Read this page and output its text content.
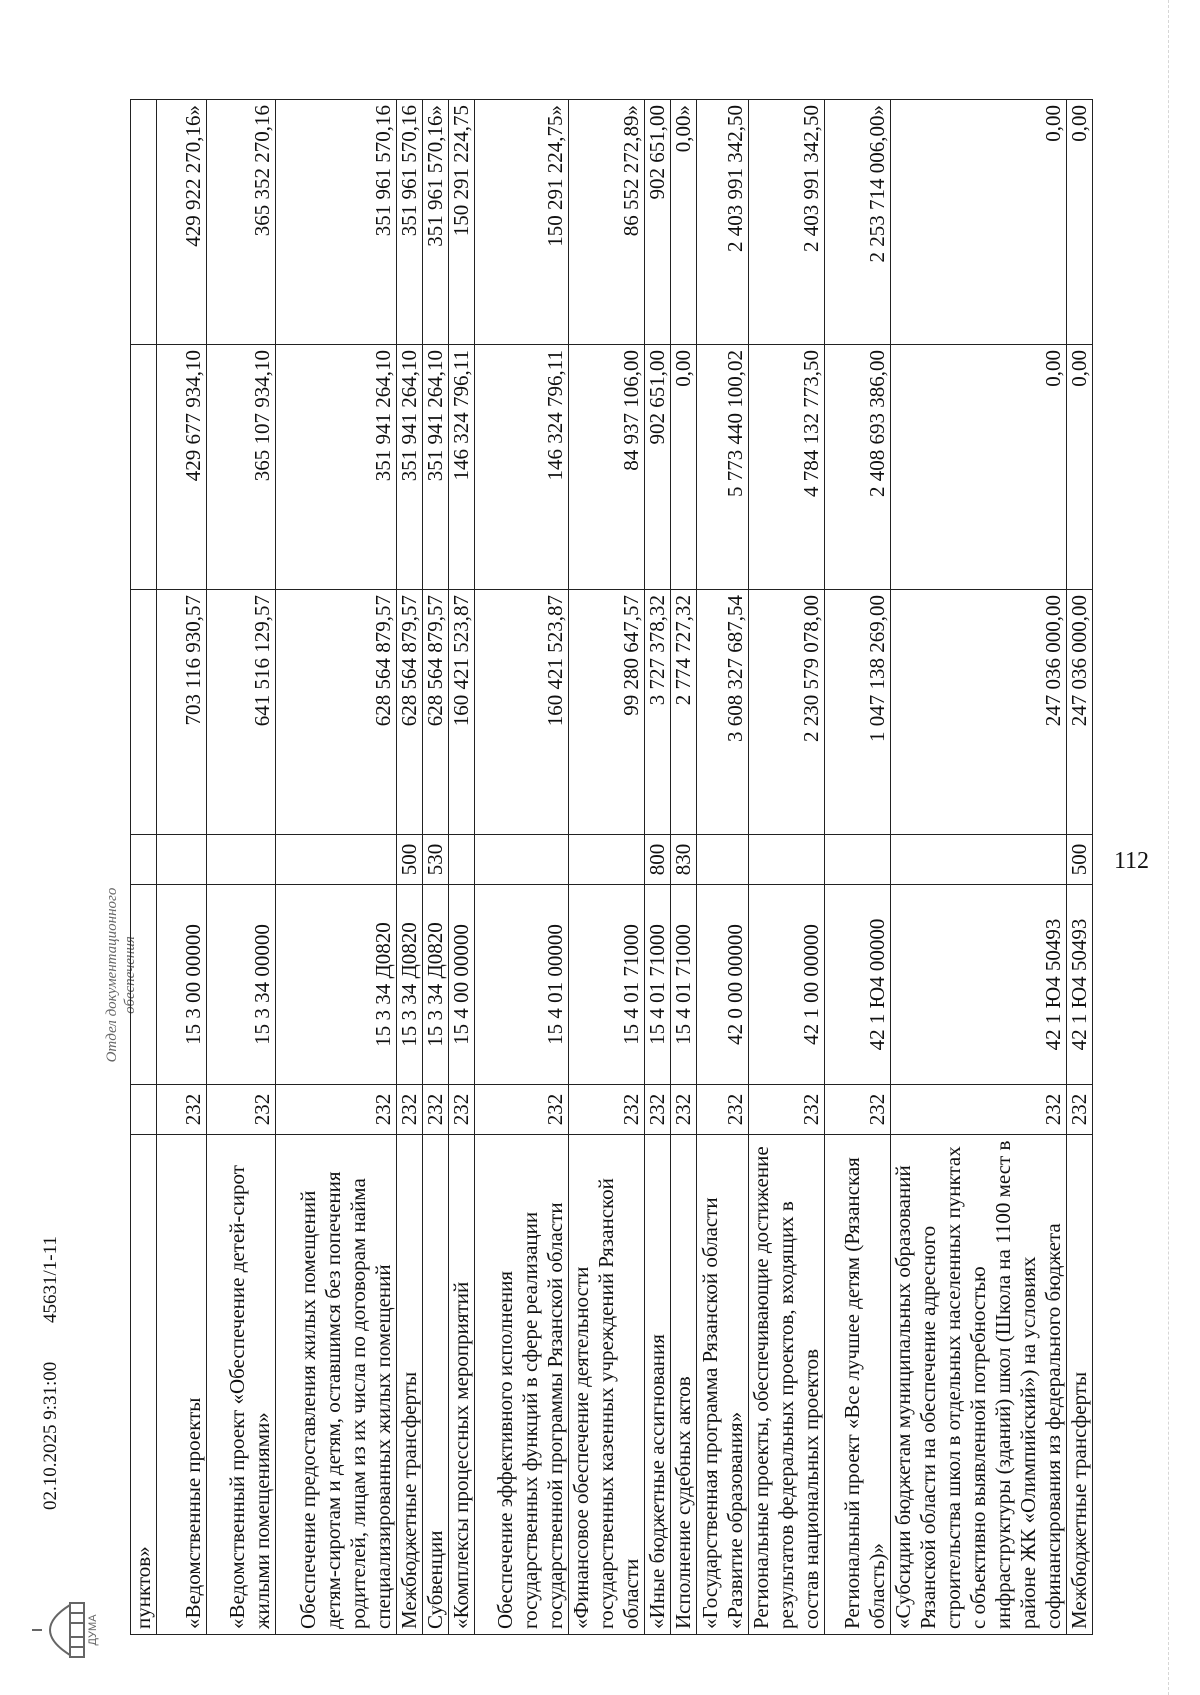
ДУМА
02.10.2025 9:31:00
45631/1-11
Отдел документационного обеспечения
пунктов»						
«Ведомственные проекты	232	15 3 00 00000		703 116 930,57	429 677 934,10	429 922 270,16»
«Ведомственный проект «Обеспечение детей-сирот жилыми помещениями»	232	15 3 34 00000		641 516 129,57	365 107 934,10	365 352 270,16
Обеспечение предоставления жилых помещений детям-сиротам и детям, оставшимся без попечения родителей, лицам из их числа по договорам найма специализированных жилых помещений	232	15 3 34 Д0820		628 564 879,57	351 941 264,10	351 961 570,16
Межбюджетные трансферты	232	15 3 34 Д0820	500	628 564 879,57	351 941 264,10	351 961 570,16
Субвенции	232	15 3 34 Д0820	530	628 564 879,57	351 941 264,10	351 961 570,16»
«Комплексы процессных мероприятий	232	15 4 00 00000		160 421 523,87	146 324 796,11	150 291 224,75
Обеспечение эффективного исполнения государственных функций в сфере реализации государственной программы Рязанской области	232	15 4 01 00000		160 421 523,87	146 324 796,11	150 291 224,75»
«Финансовое обеспечение деятельности государственных казенных учреждений Рязанской области	232	15 4 01 71000		99 280 647,57	84 937 106,00	86 552 272,89»
«Иные бюджетные ассигнования	232	15 4 01 71000	800	3 727 378,32	902 651,00	902 651,00
Исполнение судебных актов	232	15 4 01 71000	830	2 774 727,32	0,00	0,00»
«Государственная программа Рязанской области «Развитие образования»	232	42 0 00 00000		3 608 327 687,54	5 773 440 100,02	2 403 991 342,50
Региональные проекты, обеспечивающие достижение результатов федеральных проектов, входящих в состав национальных проектов	232	42 1 00 00000		2 230 579 078,00	4 784 132 773,50	2 403 991 342,50
Региональный проект «Все лучшее детям (Рязанская область)»	232	42 1 Ю4 00000		1 047 138 269,00	2 408 693 386,00	2 253 714 006,00»
«Субсидии бюджетам муниципальных образований Рязанской области на обеспечение адресного строительства школ в отдельных населенных пунктах с объективно выявленной потребностью инфраструктуры (зданий) школ (Школа на 1100 мест в районе ЖК «Олимпийский») на условиях софинансирования из федерального бюджета	232	42 1 Ю4 50493		247 036 000,00	0,00	0,00
Межбюджетные трансферты	232	42 1 Ю4 50493	500	247 036 000,00	0,00	0,00
112
